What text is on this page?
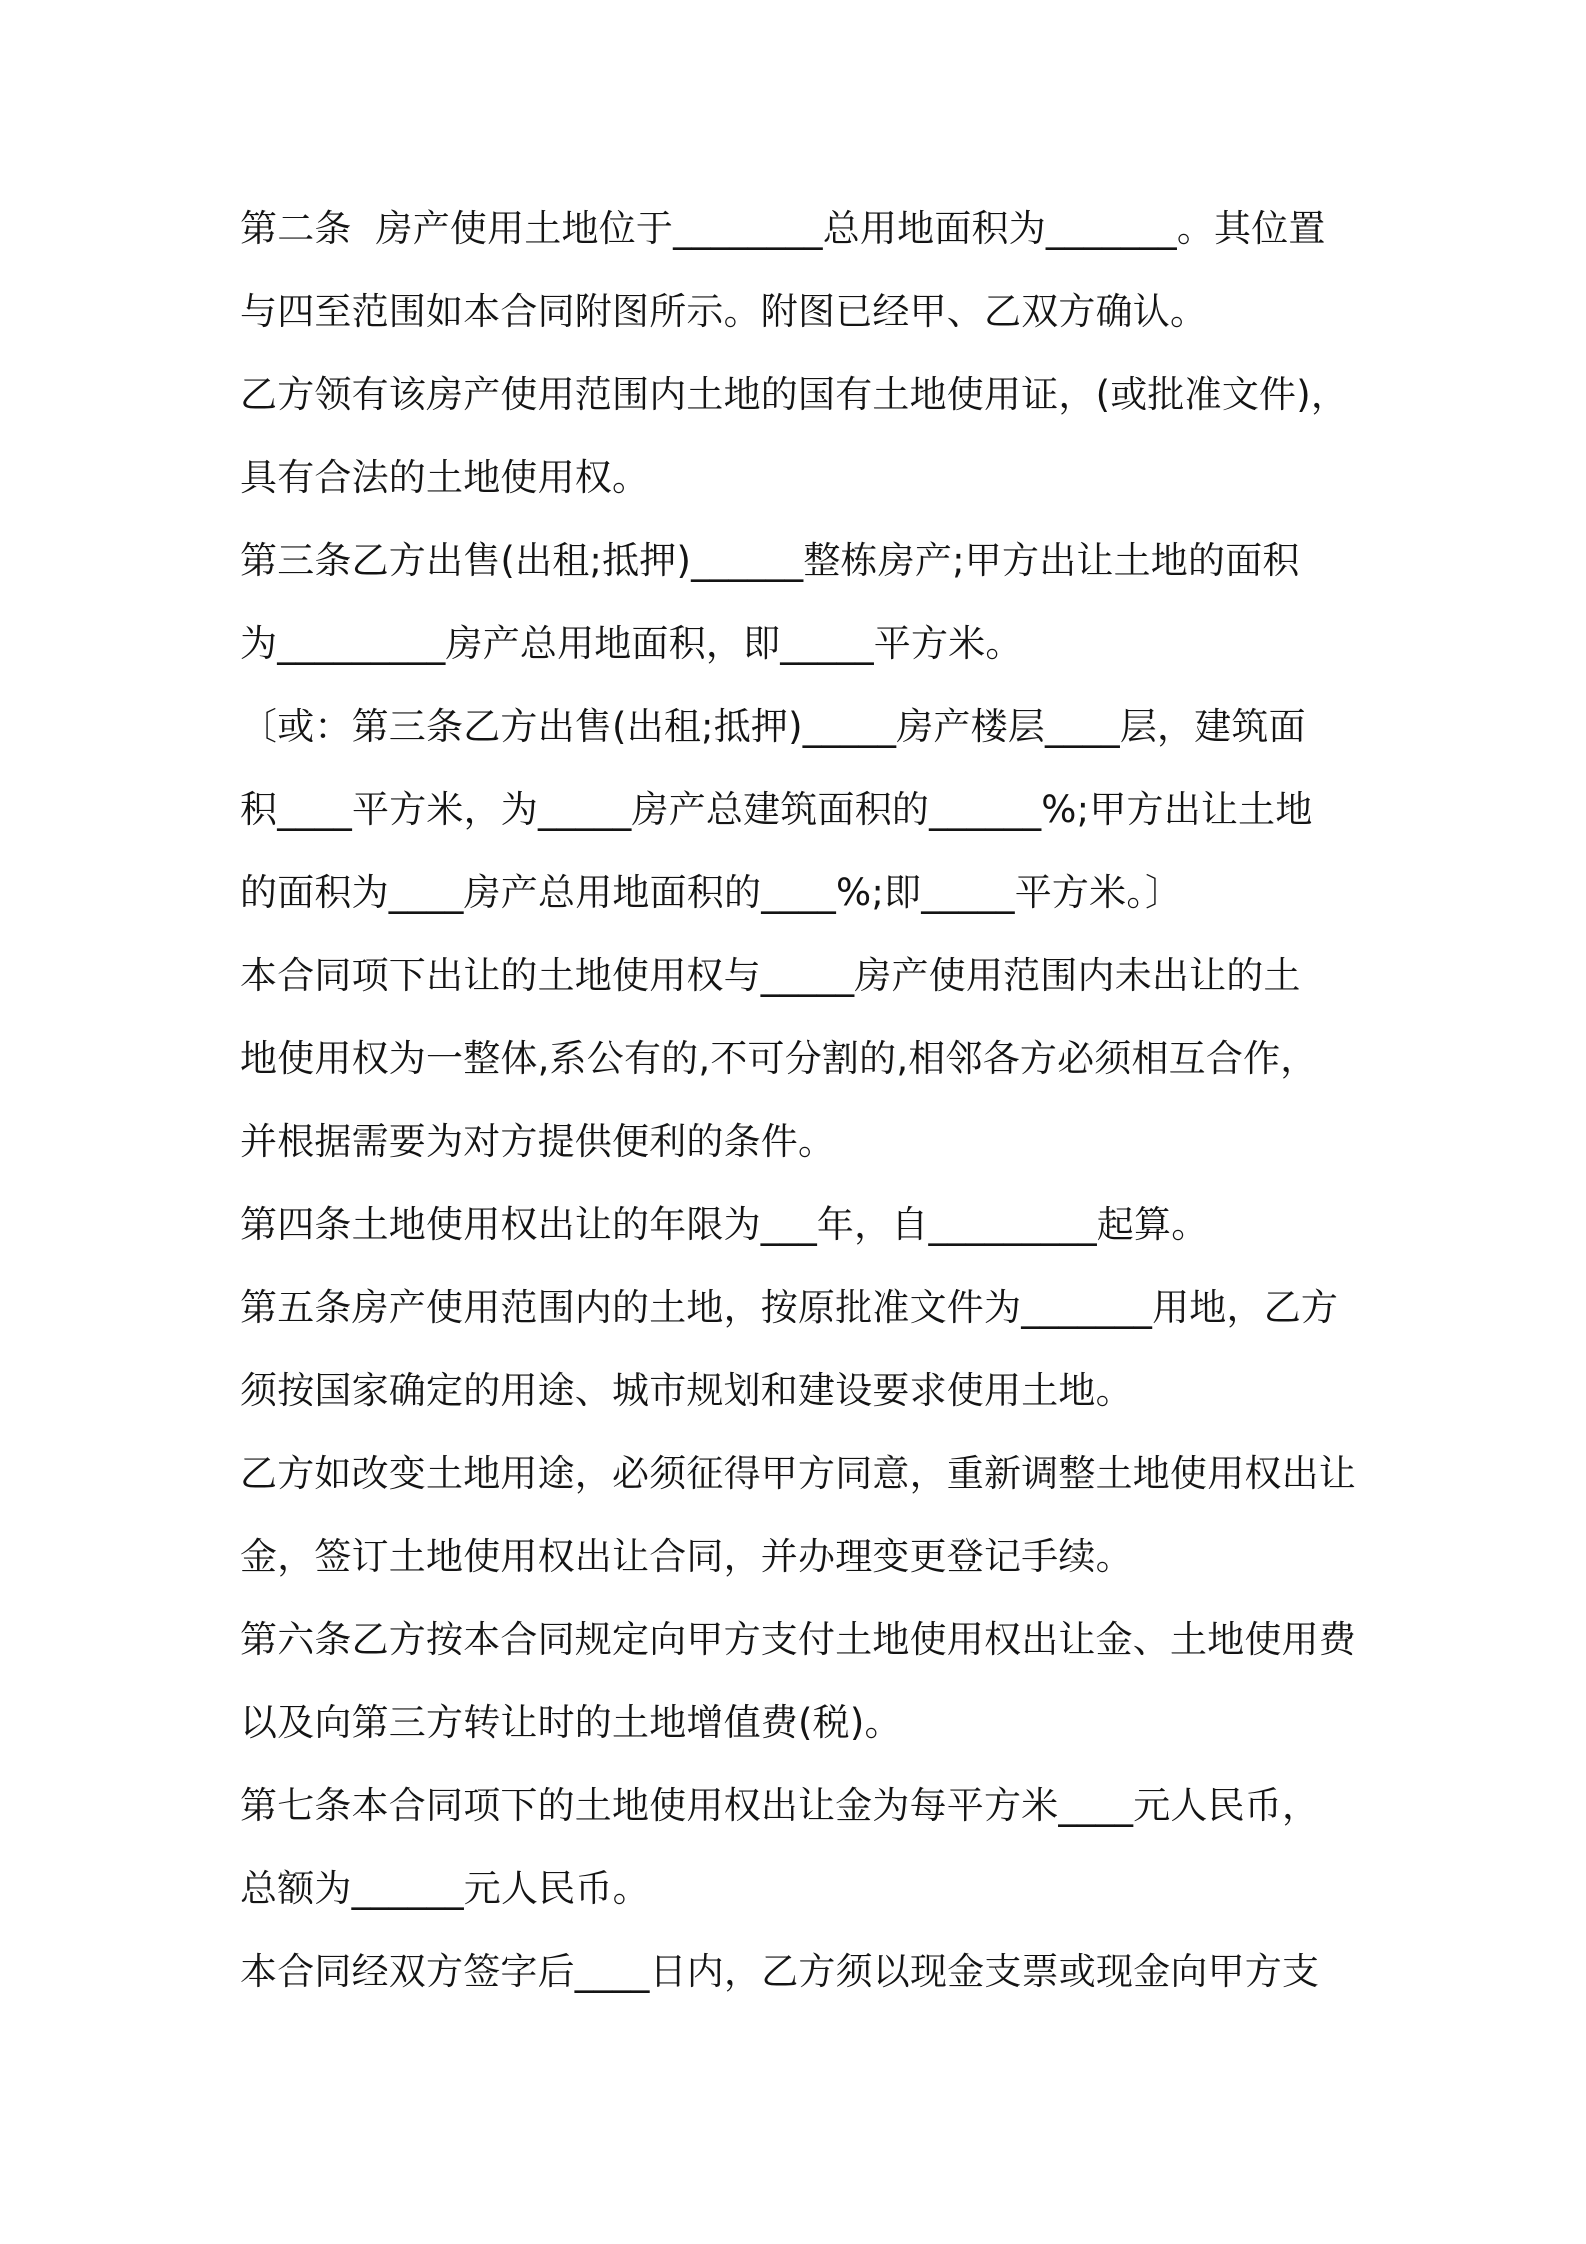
第二条  房产使用土地位于________总用地面积为_______。其位置
与四至范围如本合同附图所示。附图已经甲、乙双方确认。
乙方领有该房产使用范围内土地的国有土地使用证，(或批准文件)，
具有合法的土地使用权。
第三条乙方出售(出租;抵押)______整栋房产;甲方出让土地的面积
为_________房产总用地面积，即_____平方米。
〔或：第三条乙方出售(出租;抵押)_____房产楼层____层，建筑面
积____平方米，为_____房产总建筑面积的______%;甲方出让土地
的面积为____房产总用地面积的____%;即_____平方米。〕
本合同项下出让的土地使用权与_____房产使用范围内未出让的土
地使用权为一整体,系公有的,不可分割的,相邻各方必须相互合作，
并根据需要为对方提供便利的条件。
第四条土地使用权出让的年限为___年，自_________起算。
第五条房产使用范围内的土地，按原批准文件为_______用地，乙方
须按国家确定的用途、城市规划和建设要求使用土地。
乙方如改变土地用途，必须征得甲方同意，重新调整土地使用权出让
金，签订土地使用权出让合同，并办理变更登记手续。
第六条乙方按本合同规定向甲方支付土地使用权出让金、土地使用费
以及向第三方转让时的土地增值费(税)。
第七条本合同项下的土地使用权出让金为每平方米____元人民币，
总额为______元人民币。
本合同经双方签字后____日内，乙方须以现金支票或现金向甲方支
